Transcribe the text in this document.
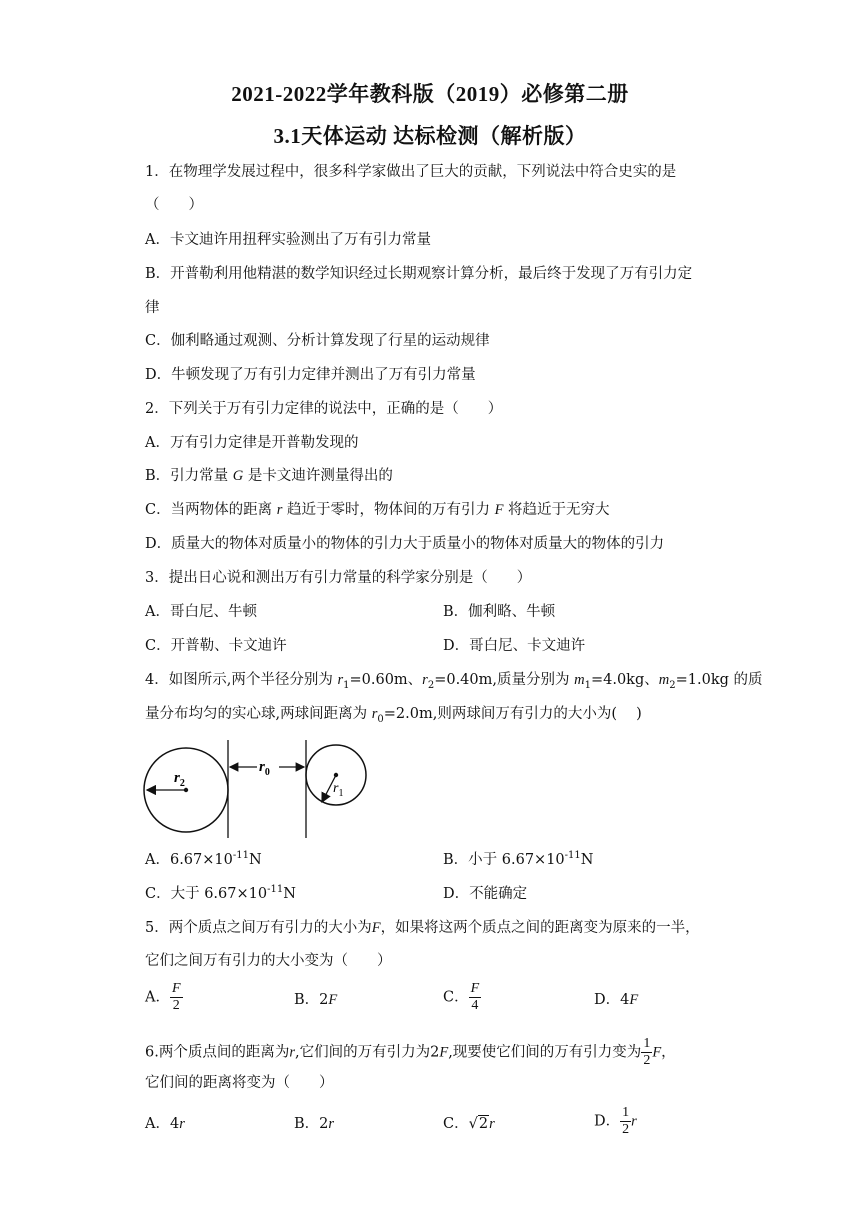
2021-2022学年教科版（2019）必修第二册
3.1天体运动 达标检测（解析版）
1．在物理学发展过程中，很多科学家做出了巨大的贡献，下列说法中符合史实的是
（　　）
A．卡文迪许用扭秤实验测出了万有引力常量
B．开普勒利用他精湛的数学知识经过长期观察计算分析，最后终于发现了万有引力定
律
C．伽利略通过观测、分析计算发现了行星的运动规律
D．牛顿发现了万有引力定律并测出了万有引力常量
2．下列关于万有引力定律的说法中，正确的是（　　）
A．万有引力定律是开普勒发现的
B．引力常量 G 是卡文迪许测量得出的
C．当两物体的距离 r 趋近于零时，物体间的万有引力 F 将趋近于无穷大
D．质量大的物体对质量小的物体的引力大于质量小的物体对质量大的物体的引力
3．提出日心说和测出万有引力常量的科学家分别是（　　）
A．哥白尼、牛顿	B．伽利略、牛顿
C．开普勒、卡文迪许	D．哥白尼、卡文迪许
4．如图所示,两个半径分别为 $r_1=0.60m$、$r_2=0.40m$,质量分别为 $m_1=4.0kg$、$m_2=1.0kg$ 的质
量分布均匀的实心球,两球间距离为 $r_0=2.0m$,则两球间万有引力的大小为(　 )
$r_2$
$r_0$
$r_1$
A．$6.67\times 10^{-11}N$	B．小于 $6.67\times 10^{-11}N$
C．大于 $6.67\times 10^{-11}N$	D．不能确定
5．两个质点之间万有引力的大小为F，如果将这两个质点之间的距离变为原来的一半，
它们之间万有引力的大小变为（　　）
A． $\frac{F}{2}$	B．2F	C． $\frac{F}{4}$	D．4F
6.两个质点间的距离为r,它们间的万有引力为2F,现要使它们间的万有引力变为 $\frac{1}{2}$ F，
它们间的距离将变为（　　）
A．4r	B．2r	C．√2r	D． $\frac{1}{2}$ r
